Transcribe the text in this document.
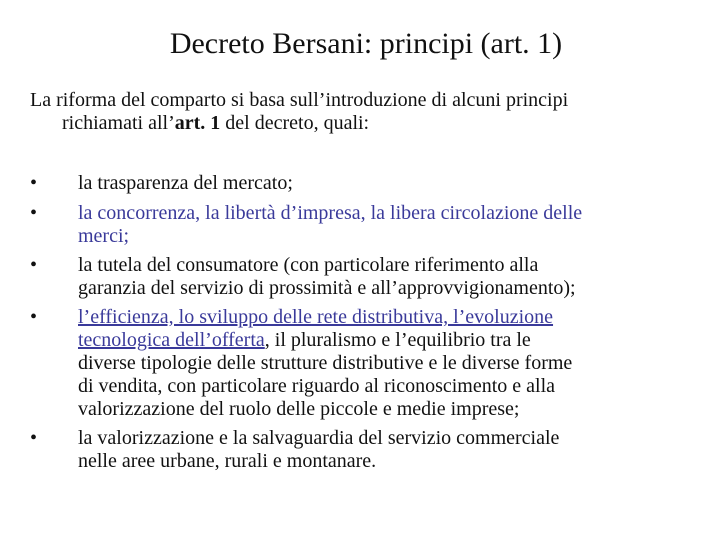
Decreto Bersani: principi (art. 1)
La riforma del comparto si basa sull’introduzione di alcuni principi
richiamati all’art. 1 del decreto, quali:
• la trasparenza del mercato;
• la concorrenza, la libertà d’impresa, la libera circolazione delle
merci;
• la tutela del consumatore (con particolare riferimento alla
garanzia del servizio di prossimità e all’approvvigionamento);
• l’efficienza, lo sviluppo delle rete distributiva, l’evoluzione
tecnologica dell’offerta, il pluralismo e l’equilibrio tra le
diverse tipologie delle strutture distributive e le diverse forme
di vendita, con particolare riguardo al riconoscimento e alla
valorizzazione del ruolo delle piccole e medie imprese;
• la valorizzazione e la salvaguardia del servizio commerciale
nelle aree urbane, rurali e montanare.
